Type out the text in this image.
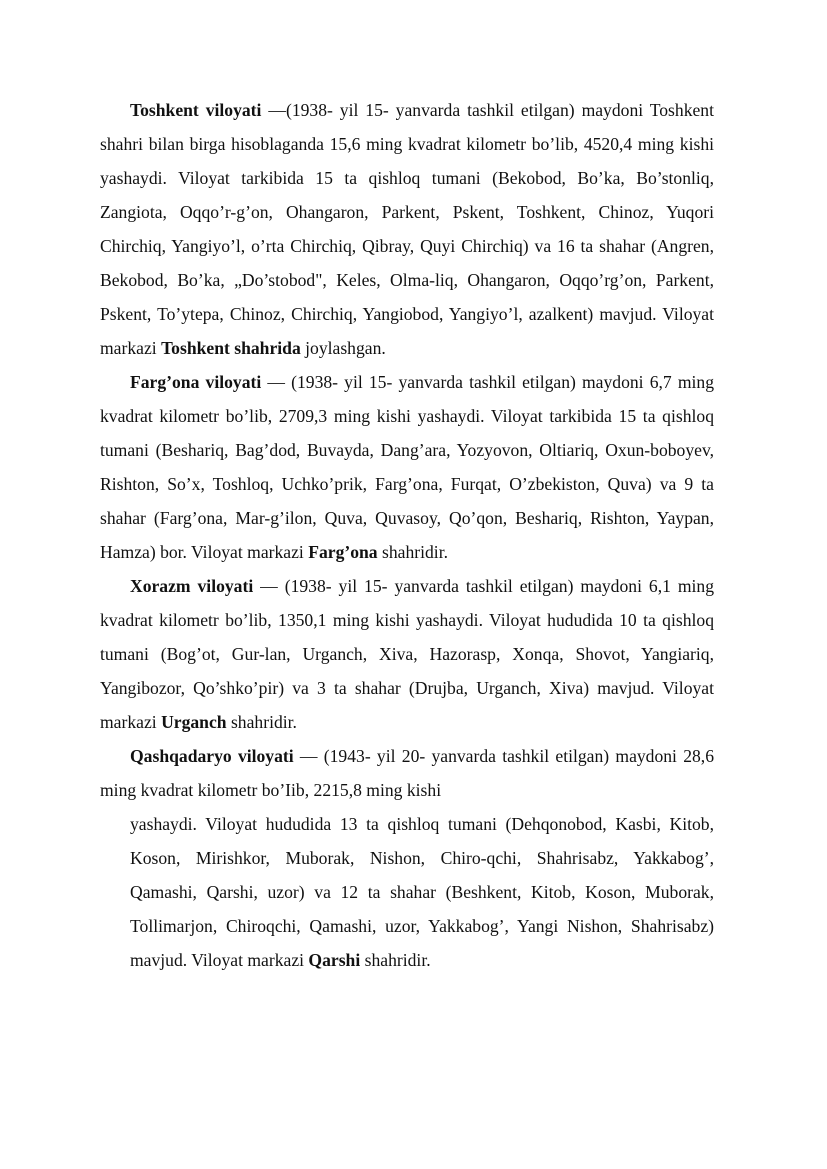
Toshkent viloyati —(1938- yil 15- yanvarda tashkil etilgan) maydoni Toshkent shahri bilan birga hisoblaganda 15,6 ming kvadrat kilometr bo’lib, 4520,4 ming kishi yashaydi. Viloyat tarkibida 15 ta qishloq tumani (Bekobod, Bo’ka, Bo’stonliq, Zangiota, Oqqo’r-g’on, Ohangaron, Parkent, Pskent, Toshkent, Chinoz, Yuqori Chirchiq, Yangiyo’l, o’rta Chirchiq, Qibray, Quyi Chirchiq) va 16 ta shahar (Angren, Bekobod, Bo’ka, „Do’stobod", Keles, Olma-liq, Ohangaron, Oqqo’rg’on, Parkent, Pskent, To’ytepa, Chinoz, Chirchiq, Yangiobod, Yangiyo’l, azalkent) mavjud. Viloyat markazi Toshkent shahrida joylashgan.

Farg’ona viloyati — (1938- yil 15- yanvarda tashkil etilgan) maydoni 6,7 ming kvadrat kilometr bo’lib, 2709,3 ming kishi yashaydi. Viloyat tarkibida 15 ta qishloq tumani (Beshariq, Bag’dod, Buvayda, Dang’ara, Yozyovon, Oltiariq, Oxun-boboyev, Rishton, So’x, Toshloq, Uchko’prik, Farg’ona, Furqat, O’zbekiston, Quva) va 9 ta shahar (Farg’ona, Mar-g’ilon, Quva, Quvasoy, Qo’qon, Beshariq, Rishton, Yaypan, Hamza) bor. Viloyat markazi Farg’ona shahridir.

Xorazm viloyati — (1938- yil 15- yanvarda tashkil etilgan) maydoni 6,1 ming kvadrat kilometr bo’lib, 1350,1 ming kishi yashaydi. Viloyat hududida 10 ta qishloq tumani (Bog’ot, Gur-lan, Urganch, Xiva, Hazorasp, Xonqa, Shovot, Yangiariq, Yangibozor, Qo’shko’pir) va 3 ta shahar (Drujba, Urganch, Xiva) mavjud. Viloyat markazi Urganch shahridir.

Qashqadaryo viloyati — (1943- yil 20- yanvarda tashkil etilgan) maydoni 28,6 ming kvadrat kilometr bo’Iib, 2215,8 ming kishi

yashaydi. Viloyat hududida 13 ta qishloq tumani (Dehqonobod, Kasbi, Kitob, Koson, Mirishkor, Muborak, Nishon, Chiro-qchi, Shahrisabz, Yakkabog’, Qamashi, Qarshi, uzor) va 12 ta shahar (Beshkent, Kitob, Koson, Muborak, Tollimarjon, Chiroqchi, Qamashi, uzor, Yakkabog’, Yangi Nishon, Shahrisabz) mavjud. Viloyat markazi Qarshi shahridir.
